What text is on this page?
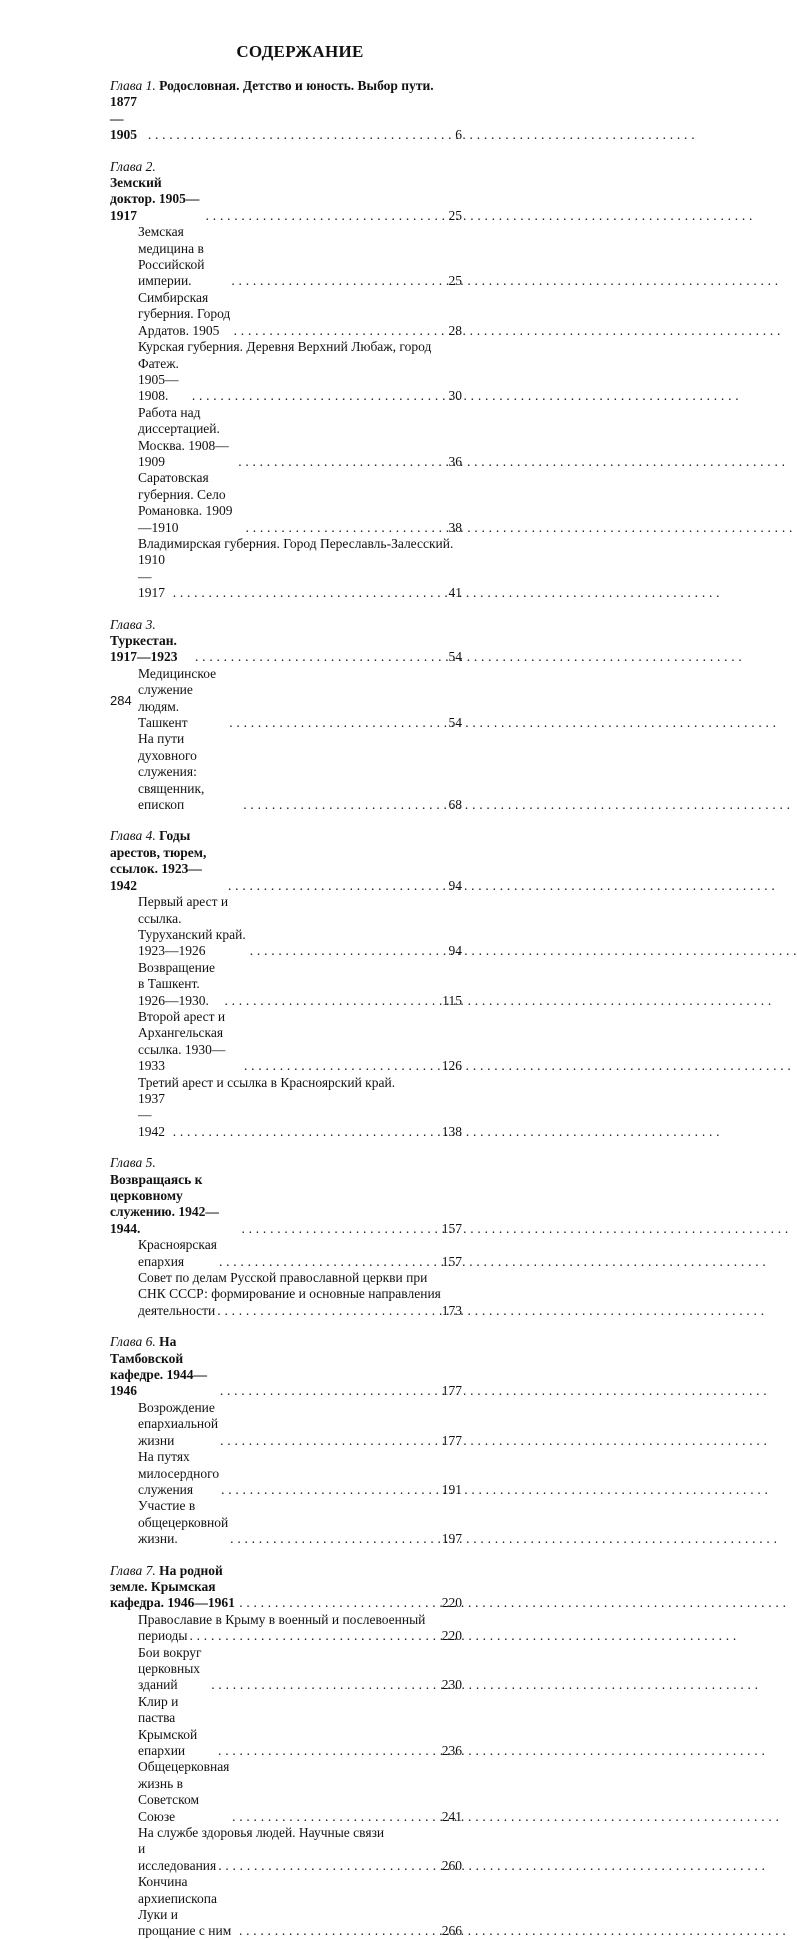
СОДЕРЖАНИЕ
Глава 1. Родословная. Детство и юность. Выбор пути.
1877—1905 . . .	6
Глава 2. Земский доктор. 1905—1917 . . .	25
Земская медицина в Российской империи. . . .	25
Симбирская губерния. Город Ардатов. 1905 . . .	28
Курская губерния. Деревня Верхний Любаж, город
Фатеж. 1905—1908. . . .	30
Работа над диссертацией. Москва. 1908—1909 . . .	36
Саратовская губерния. Село Романовка. 1909—1910 . . .	38
Владимирская губерния. Город Переславль-Залесский.
1910—1917 . . .	41
Глава 3. Туркестан. 1917—1923 . . .	54
Медицинское служение людям. Ташкент . . .	54
На пути духовного служения: священник, епископ . . .	68
Глава 4. Годы арестов, тюрем, ссылок. 1923—1942 . . .	94
Первый арест и ссылка. Туруханский край. 1923—1926 . . .	94
Возвращение в Ташкент. 1926—1930. . . .	115
Второй арест и Архангельская ссылка. 1930—1933 . . .	126
Третий арест и ссылка в Красноярский край.
1937—1942 . . .	138
Глава 5. Возвращаясь к церковному служению. 1942—1944. . . .	157
Красноярская епархия . . .	157
Совет по делам Русской православной церкви при
СНК СССР: формирование и основные направления
деятельности . . .	173
Глава 6. На Тамбовской кафедре. 1944—1946 . . .	177
Возрождение епархиальной жизни . . .	177
На путях милосердного служения . . .	191
Участие в общецерковной жизни. . . .	197
Глава 7. На родной земле. Крымская кафедра. 1946—1961 . . .	220
Православие в Крыму в военный и послевоенный
периоды . . .	220
Бои вокруг церковных зданий . . .	230
Клир и паства Крымской епархии . . .	236
Общецерковная жизнь в Советском Союзе . . .	241
На службе здоровья людей. Научные связи
и исследования . . .	260
Кончина архиепископа Луки и прощание с ним . . .	266
284
